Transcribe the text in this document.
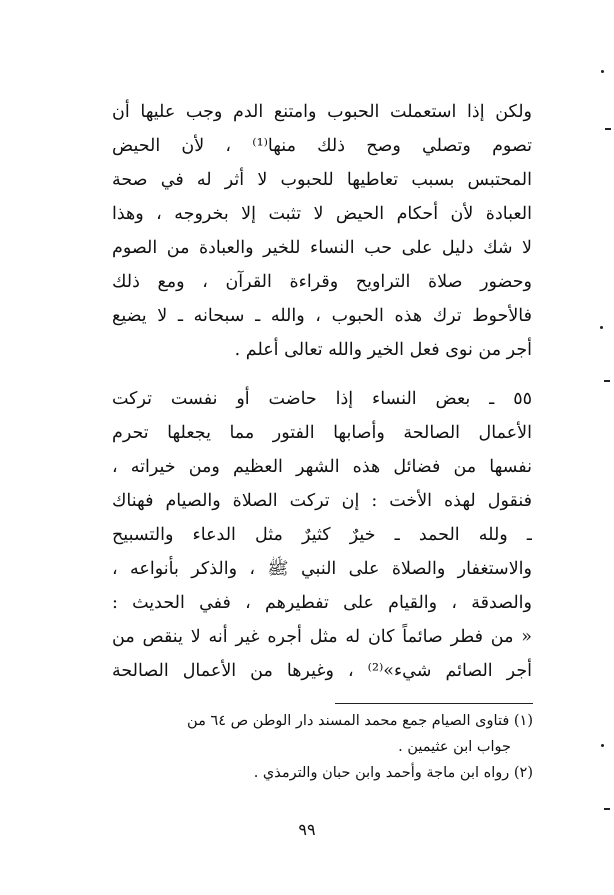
ولكن إذا استعملت الحبوب وامتنع الدم وجب عليها أن
تصوم وتصلي وصح ذلك منها⁽¹⁾ ، لأن الحيض
المحتبس بسبب تعاطيها للحبوب لا أثر له في صحة
العبادة لأن أحكام الحيض لا تثبت إلا بخروجه ، وهذا
لا شك دليل على حب النساء للخير والعبادة من الصوم
وحضور صلاة التراويح وقراءة القرآن ، ومع ذلك
فالأحوط ترك هذه الحبوب ، والله ـ سبحانه ـ لا يضيع
أجر من نوى فعل الخير والله تعالى أعلم .
٥٥ ـ بعض النساء إذا حاضت أو نفست تركت
الأعمال الصالحة وأصابها الفتور مما يجعلها تحرم
نفسها من فضائل هذه الشهر العظيم ومن خيراته ،
فنقول لهذه الأخت : إن تركت الصلاة والصيام فهناك
ـ ولله الحمد ـ خيرٌ كثيرٌ مثل الدعاء والتسبيح
والاستغفار والصلاة على النبي ﷺ ، والذكر بأنواعه ،
والصدقة ، والقيام على تفطيرهم ، ففي الحديث :
« من فطر صائماً كان له مثل أجره غير أنه لا ينقص من
أجر الصائم شيء»⁽²⁾ ، وغيرها من الأعمال الصالحة
(١) فتاوى الصيام جمع محمد المسند دار الوطن ص ٦٤ من
جواب ابن عثيمين .
(٢) رواه ابن ماجة وأحمد وابن حبان والترمذي .
٩٩
